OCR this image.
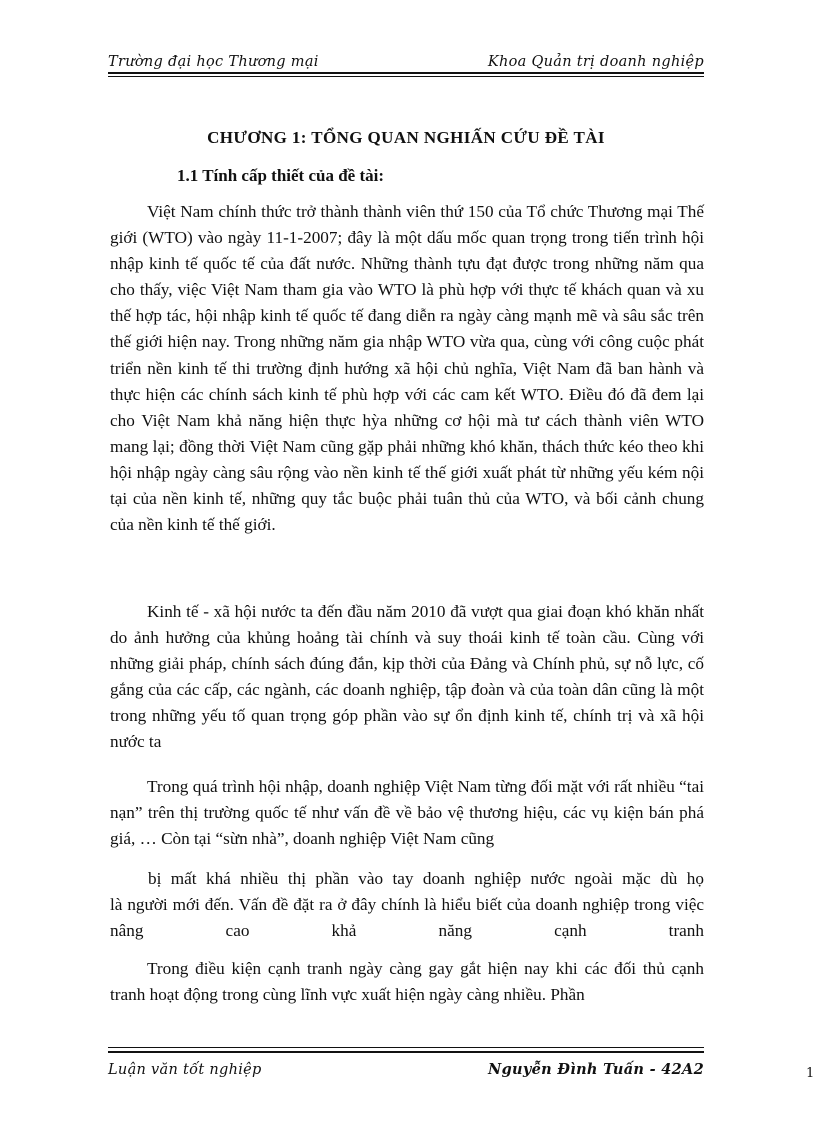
Trường đại học Thương mại	Khoa Quản trị doanh nghiệp
CHƯƠNG 1: TỔNG QUAN NGHIẤN CỨU ĐỀ TÀI
1.1 Tính cấp thiết của đề tài:

Việt Nam chính thức trở thành thành viên thứ 150 của Tổ chức Thương mại Thế giới (WTO) vào ngày 11-1-2007; đây là một dấu mốc quan trọng trong tiến trình hội nhập kinh tế quốc tế của đất nước. Những thành tựu đạt được trong những năm qua cho thấy, việc Việt Nam tham gia vào WTO là phù hợp với thực tế khách quan và xu thế hợp tác, hội nhập kinh tế quốc tế đang diễn ra ngày càng mạnh mẽ và sâu sắc trên thế giới hiện nay. Trong những năm gia nhập WTO vừa qua, cùng với công cuộc phát triển nền kinh tế thi trường định hướng xã hội chủ nghĩa, Việt Nam đã ban hành và thực hiện các chính sách kinh tế phù hợp với các cam kết WTO. Điều đó đã đem lại cho Việt Nam khả năng hiện thực hỳa những cơ hội mà tư cách thành viên WTO mang lại; đồng thời Việt Nam cũng gặp phải những khó khăn, thách thức kéo theo khi hội nhập ngày càng sâu rộng vào nền kinh tế thế giới xuất phát từ những yếu kém nội tại của nền kinh tế, những quy tắc buộc phải tuân thủ của WTO, và bối cảnh chung của nền kinh tế thế giới.

Kinh tế - xã hội nước ta đến đầu năm 2010 đã vượt qua giai đoạn khó khăn nhất do ảnh hưởng của khủng hoảng tài chính và suy thoái kinh tế toàn cầu. Cùng với những giải pháp, chính sách đúng đắn, kịp thời của Đảng và Chính phủ, sự nỗ lực, cố gắng của các cấp, các ngành, các doanh nghiệp, tập đoàn và của toàn dân cũng là một trong những yếu tố quan trọng góp phần vào sự ổn định kinh tế, chính trị và xã hội nước ta

Trong quá trình hội nhập, doanh nghiệp Việt Nam từng đối mặt với rất nhiều “tai nạn” trên thị trường quốc tế như vấn đề về bảo vệ thương hiệu, các vụ kiện bán phá giá, … Còn tại “sừn nhà”, doanh nghiệp Việt Nam cũng

bị mất khá nhiều thị phần vào tay doanh nghiệp nước ngoài mặc dù họ
là người mới đến. Vấn đề đặt ra ở đây chính là hiểu biết của doanh nghiệp trong việc nâng cao khả năng cạnh tranh

Trong điều kiện cạnh tranh ngày càng gay gắt hiện nay khi các đối thủ cạnh tranh hoạt động trong cùng lĩnh vực xuất hiện ngày càng nhiều. Phần

Luận văn tốt nghiệp	Nguyễn Đình Tuấn - 42A2	1
